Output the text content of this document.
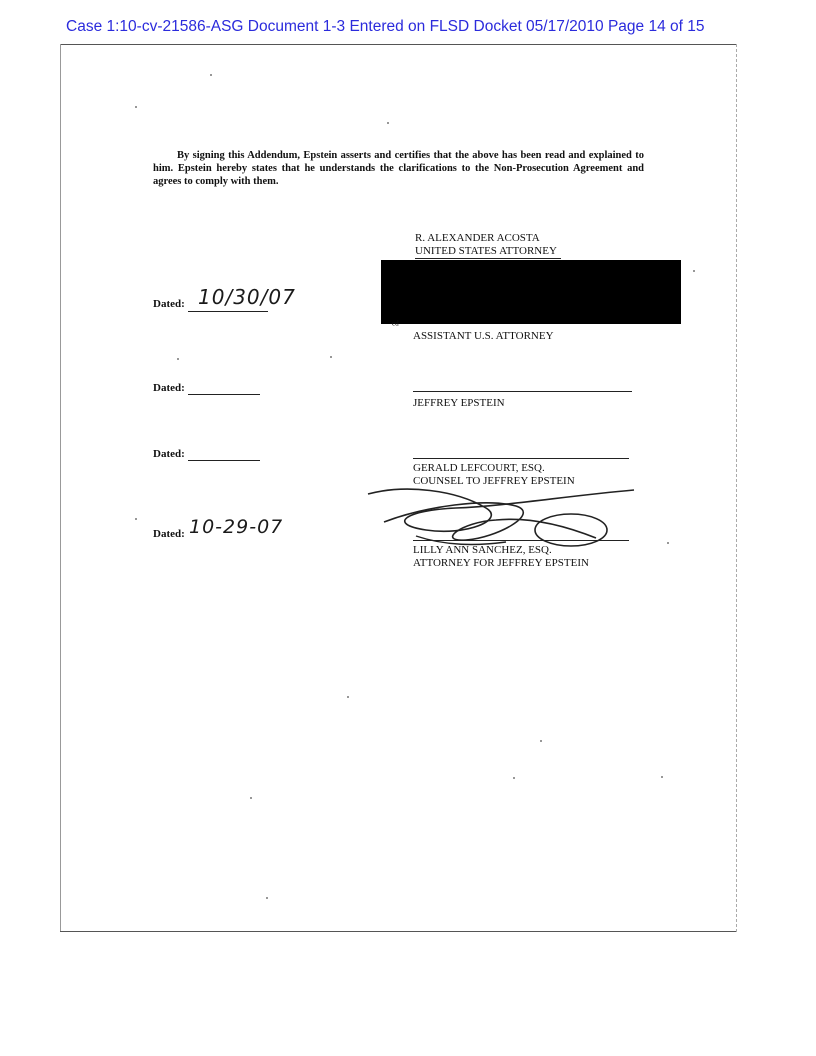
Case 1:10-cv-21586-ASG Document 1-3 Entered on FLSD Docket 05/17/2010 Page 14 of 15
By signing this Addendum, Epstein asserts and certifies that the above has been read and explained to him. Epstein hereby states that he understands the clarifications to the Non-Prosecution Agreement and agrees to comply with them.
R. ALEXANDER ACOSTA
UNITED STATES ATTORNEY
Dated: 10/30/07
ᶜᵈ
ASSISTANT U.S. ATTORNEY
Dated:
JEFFREY EPSTEIN
Dated:
GERALD LEFCOURT, ESQ.
COUNSEL TO JEFFREY EPSTEIN
Dated: 10-29-07
LILLY ANN SANCHEZ, ESQ.
ATTORNEY FOR JEFFREY EPSTEIN
